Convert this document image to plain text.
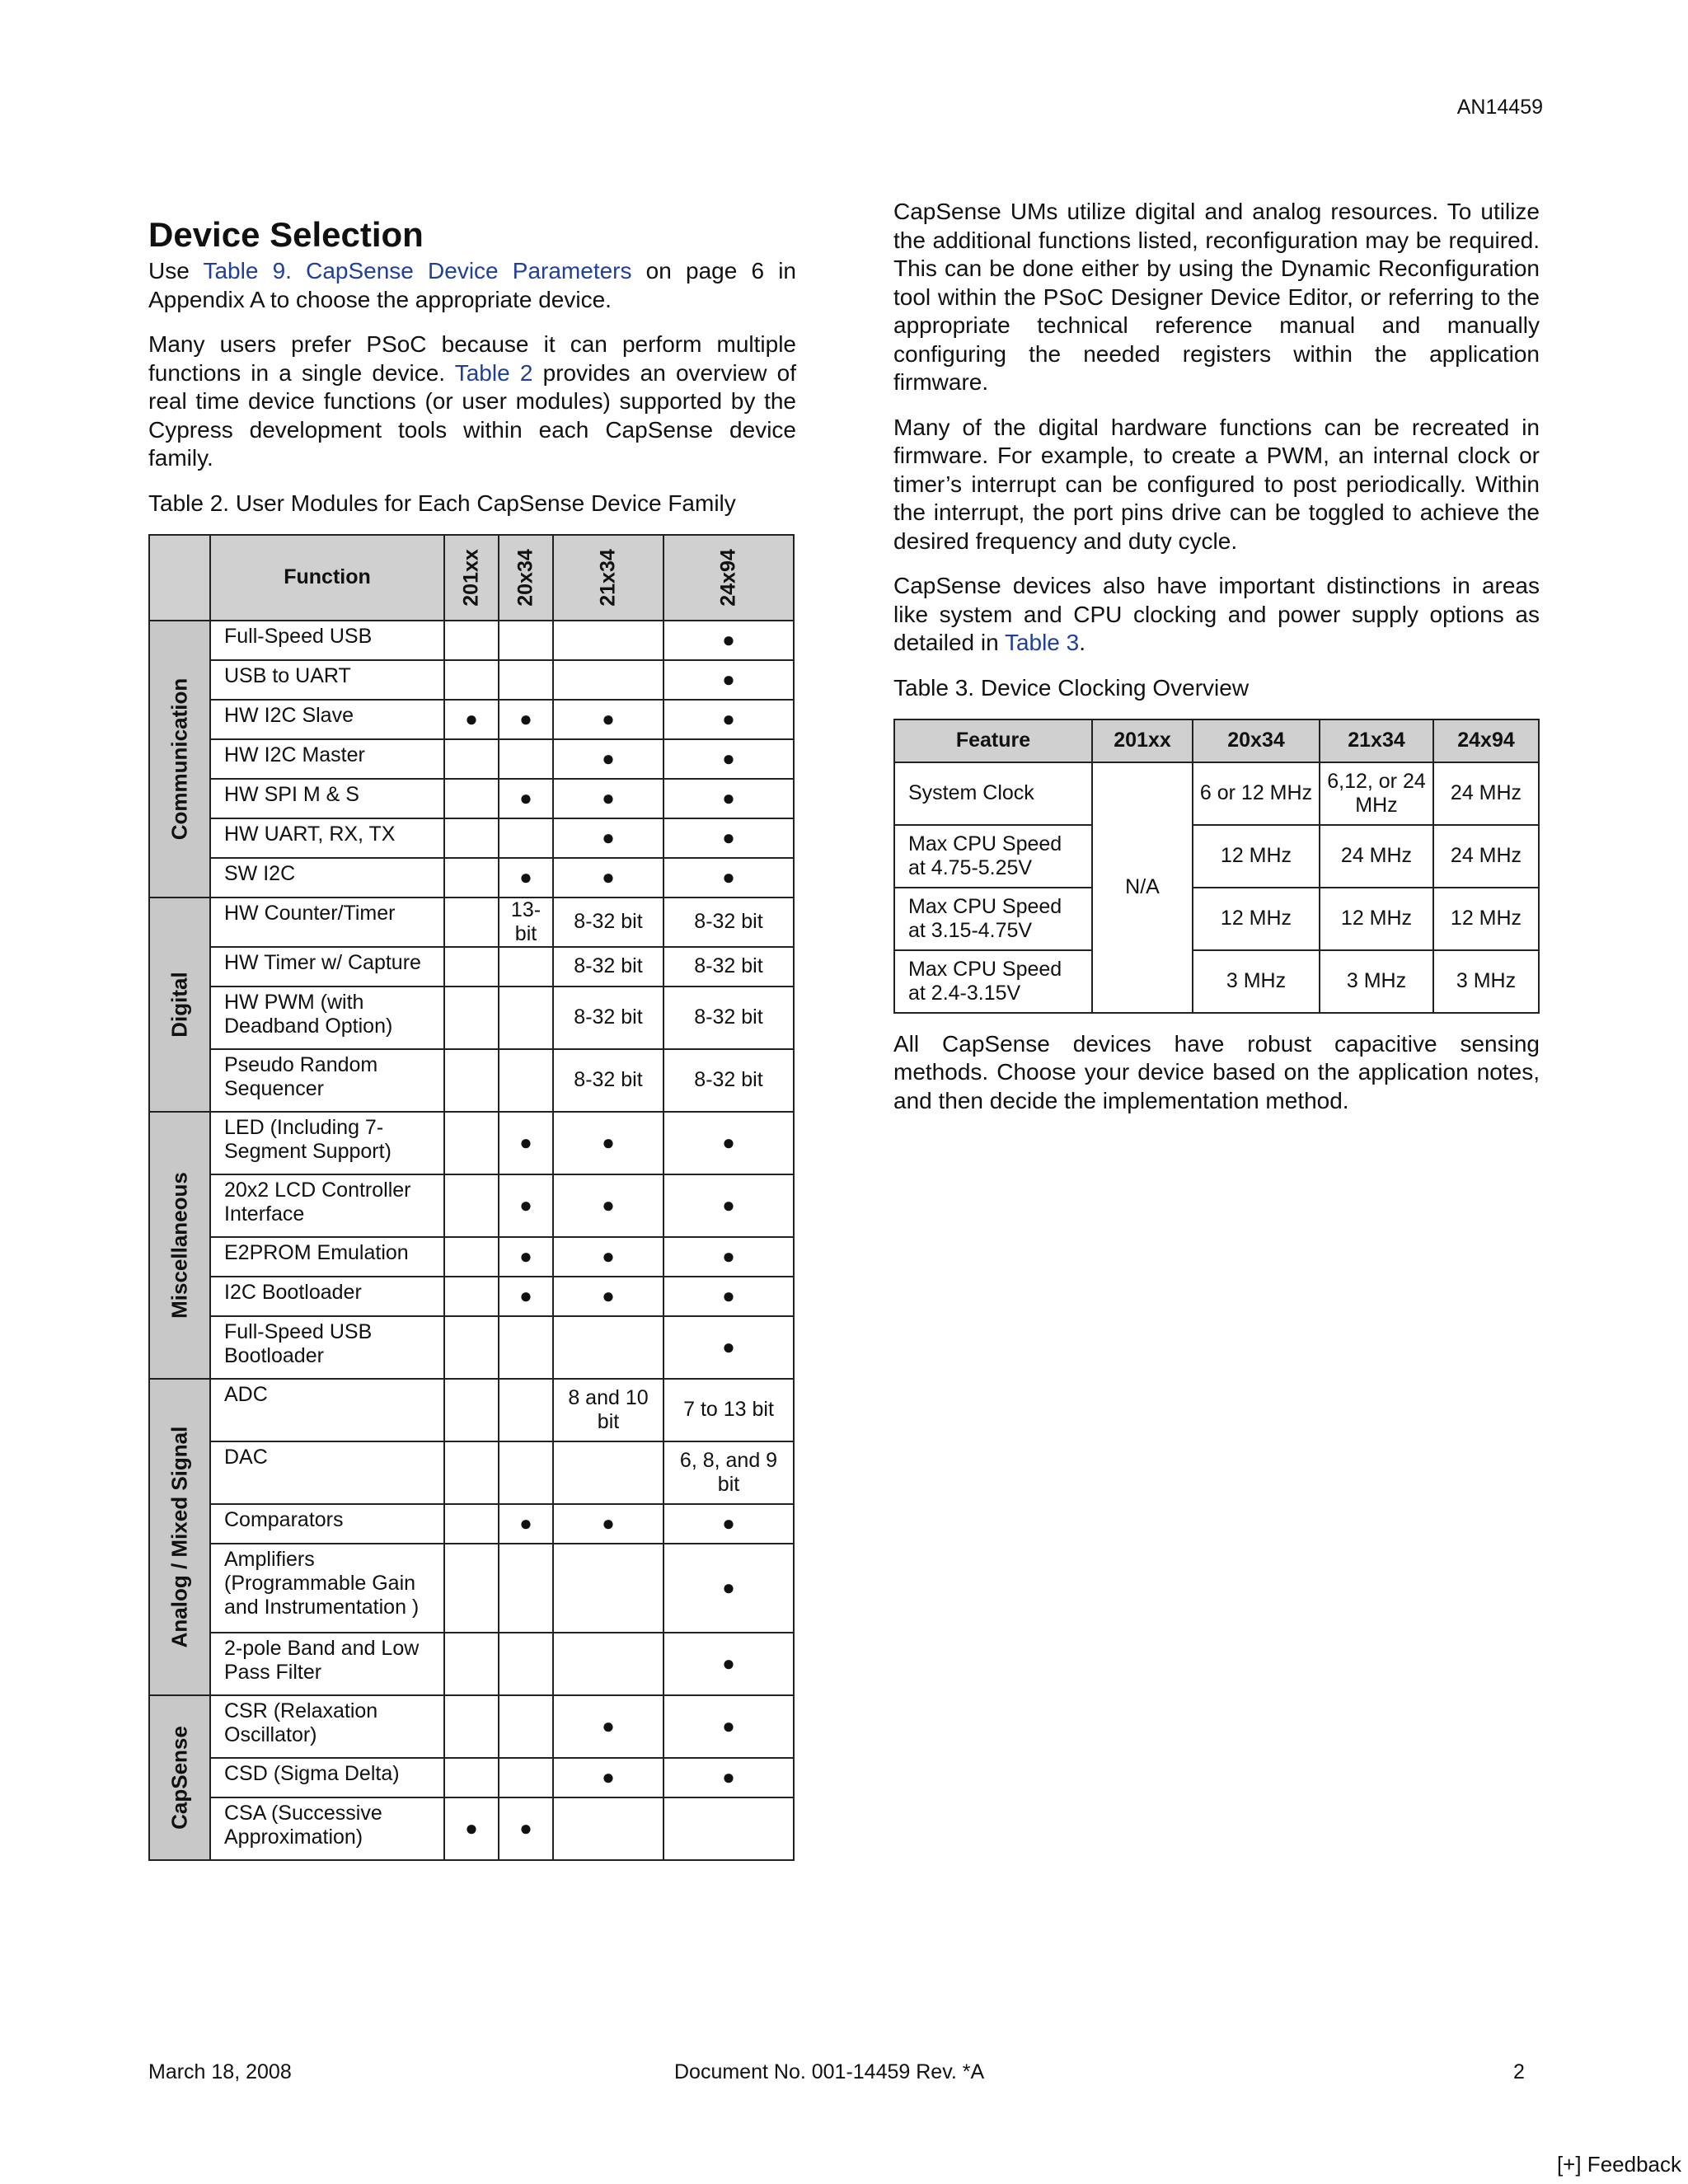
AN14459
Device Selection

Use Table 9. CapSense Device Parameters on page 6 in Appendix A to choose the appropriate device.

Many users prefer PSoC because it can perform multiple functions in a single device. Table 2 provides an overview of real time device functions (or user modules) supported by the Cypress development tools within each CapSense device family.

Table 2. User Modules for Each CapSense Device Family
	Function	201xx	20x34	21x34	24x94

Communication	Full-Speed USB				●
	USB to UART				●
	HW I2C Slave	●	●	●	●
	HW I2C Master			●	●
	HW SPI M & S		●	●	●
	HW UART, RX, TX			●	●
	SW I2C		●	●	●

Digital	HW Counter/Timer		13-bit	8-32 bit	8-32 bit
	HW Timer w/ Capture			8-32 bit	8-32 bit
	HW PWM (with Deadband Option)			8-32 bit	8-32 bit
	Pseudo Random Sequencer			8-32 bit	8-32 bit

Miscellaneous	LED (Including 7-Segment Support)		●	●	●
	20x2 LCD Controller Interface		●	●	●
	E2PROM Emulation		●	●	●
	I2C Bootloader		●	●	●
	Full-Speed USB Bootloader				●

Analog / Mixed Signal	ADC			8 and 10 bit	7 to 13 bit
	DAC				6, 8, and 9 bit
	Comparators		●	●	●
	Amplifiers (Programmable Gain and Instrumentation )				●
	2-pole Band and Low Pass Filter				●

CapSense	CSR (Relaxation Oscillator)			●	●
	CSD (Sigma Delta)			●	●
	CSA (Successive Approximation)	●	●		

CapSense UMs utilize digital and analog resources. To utilize the additional functions listed, reconfiguration may be required. This can be done either by using the Dynamic Reconfiguration tool within the PSoC Designer Device Editor, or referring to the appropriate technical reference manual and manually configuring the needed registers within the application firmware.

Many of the digital hardware functions can be recreated in firmware. For example, to create a PWM, an internal clock or timer’s interrupt can be configured to post periodically. Within the interrupt, the port pins drive can be toggled to achieve the desired frequency and duty cycle.

CapSense devices also have important distinctions in areas like system and CPU clocking and power supply options as detailed in Table 3.

Table 3. Device Clocking Overview
Feature	201xx	20x34	21x34	24x94
System Clock	N/A	6 or 12 MHz	6,12, or 24 MHz	24 MHz
Max CPU Speed at 4.75-5.25V		12 MHz	24 MHz	24 MHz
Max CPU Speed at 3.15-4.75V		12 MHz	12 MHz	12 MHz
Max CPU Speed at 2.4-3.15V		3 MHz	3 MHz	3 MHz

All CapSense devices have robust capacitive sensing methods. Choose your device based on the application notes, and then decide the implementation method.

March 18, 2008	Document No. 001-14459 Rev. *A	2
[+] Feedback
